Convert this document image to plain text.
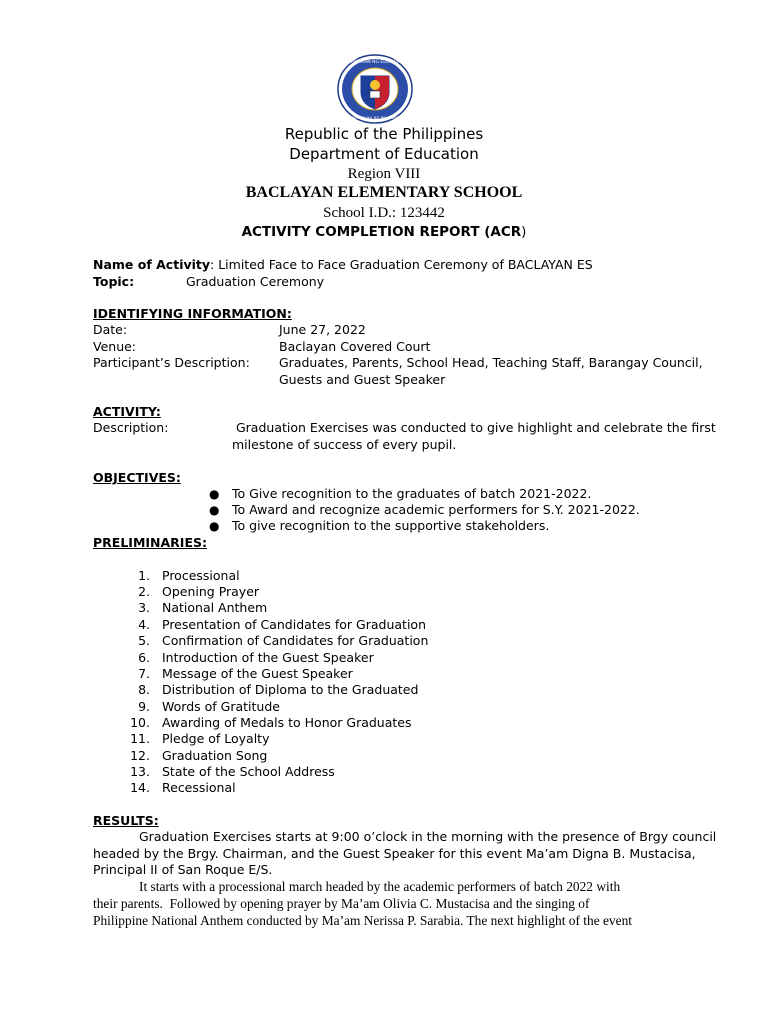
KAGAWARAN NG EDUKASYON
REPUBLIKA NG PILIPINAS
Republic of the Philippines
Department of Education
Region VIII
BACLAYAN ELEMENTARY SCHOOL
School I.D.: 123442
ACTIVITY COMPLETION REPORT (ACR)
Name of Activity: Limited Face to Face Graduation Ceremony of BACLAYAN ES
Topic:	Graduation Ceremony
IDENTIFYING INFORMATION:
Date:	June 27, 2022
Venue:	Baclayan Covered Court
Participant’s Description: Graduates, Parents, School Head, Teaching Staff, Barangay Council,
Guests and Guest Speaker
ACTIVITY:
Description:	Graduation Exercises was conducted to give highlight and celebrate the first
milestone of success of every pupil.
OBJECTIVES:
● To Give recognition to the graduates of batch 2021-2022.
● To Award and recognize academic performers for S.Y. 2021-2022.
● To give recognition to the supportive stakeholders.
PRELIMINARIES:
1. Processional
2. Opening Prayer
3. National Anthem
4. Presentation of Candidates for Graduation
5. Confirmation of Candidates for Graduation
6. Introduction of the Guest Speaker
7. Message of the Guest Speaker
8. Distribution of Diploma to the Graduated
9. Words of Gratitude
10. Awarding of Medals to Honor Graduates
11. Pledge of Loyalty
12. Graduation Song
13. State of the School Address
14. Recessional
RESULTS:
Graduation Exercises starts at 9:00 o’clock in the morning with the presence of Brgy council
headed by the Brgy. Chairman, and the Guest Speaker for this event Ma’am Digna B. Mustacisa,
Principal II of San Roque E/S.
It starts with a processional march headed by the academic performers of batch 2022 with
their parents.  Followed by opening prayer by Ma’am Olivia C. Mustacisa and the singing of
Philippine National Anthem conducted by Ma’am Nerissa P. Sarabia. The next highlight of the event
